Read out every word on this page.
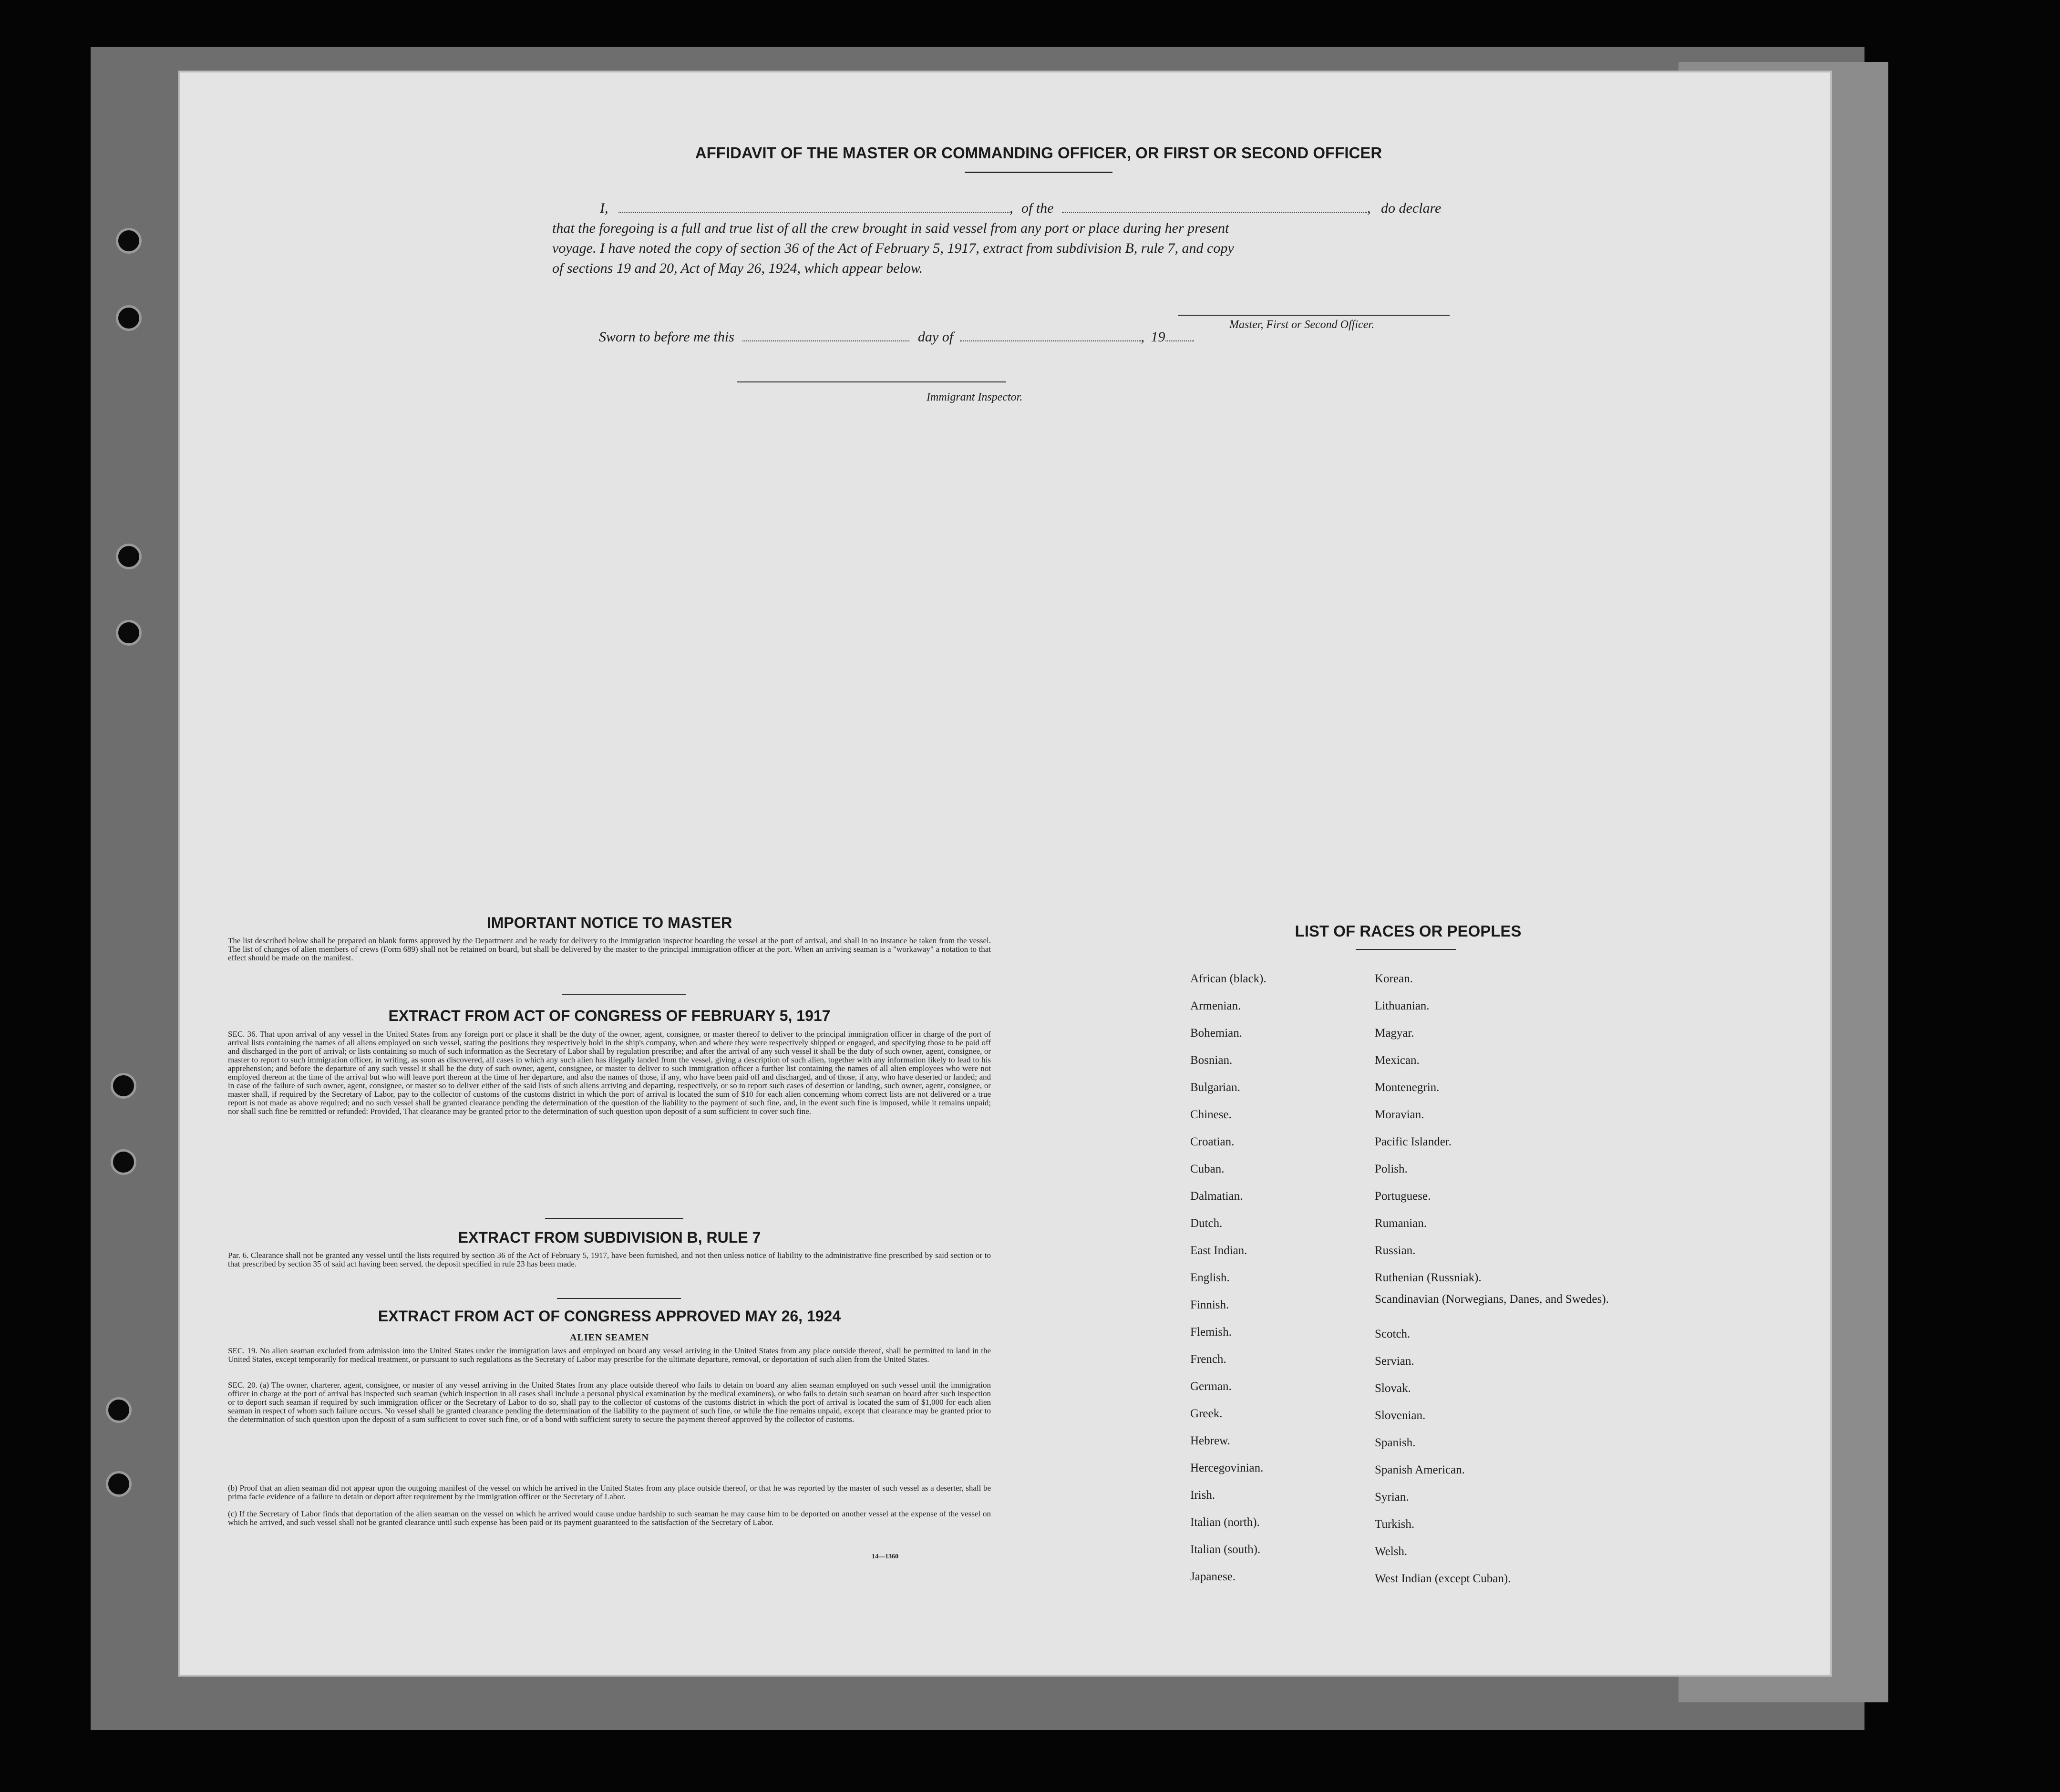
AFFIDAVIT OF THE MASTER OR COMMANDING OFFICER, OR FIRST OR SECOND OFFICER
I,	, of the	, do declare
that the foregoing is a full and true list of all the crew brought in said vessel from any port or place during her present
voyage. I have noted the copy of section 36 of the Act of February 5, 1917, extract from subdivision B, rule 7, and copy
of sections 19 and 20, Act of May 26, 1924, which appear below.
Master, First or Second Officer.
Sworn to before me this	day of	, 19
Immigrant Inspector.
IMPORTANT NOTICE TO MASTER
The list described below shall be prepared on blank forms approved by the Department and be ready for delivery to the immigration inspector boarding the vessel at the port of arrival, and shall in no instance be taken from the vessel. The list of changes of alien members of crews (Form 689) shall not be retained on board, but shall be delivered by the master to the principal immigration officer at the port. When an arriving seaman is a "workaway" a notation to that effect should be made on the manifest.
EXTRACT FROM ACT OF CONGRESS OF FEBRUARY 5, 1917
SEC. 36. That upon arrival of any vessel in the United States from any foreign port or place it shall be the duty of the owner, agent, consignee, or master thereof to deliver to the principal immigration officer in charge of the port of arrival lists containing the names of all aliens employed on such vessel, stating the positions they respectively hold in the ship's company, when and where they were respectively shipped or engaged, and specifying those to be paid off and discharged in the port of arrival; or lists containing so much of such information as the Secretary of Labor shall by regulation prescribe; and after the arrival of any such vessel it shall be the duty of such owner, agent, consignee, or master to report to such immigration officer, in writing, as soon as discovered, all cases in which any such alien has illegally landed from the vessel, giving a description of such alien, together with any information likely to lead to his apprehension; and before the departure of any such vessel it shall be the duty of such owner, agent, consignee, or master to deliver to such immigration officer a further list containing the names of all alien employees who were not employed thereon at the time of the arrival but who will leave port thereon at the time of her departure, and also the names of those, if any, who have been paid off and discharged, and of those, if any, who have deserted or landed; and in case of the failure of such owner, agent, consignee, or master so to deliver either of the said lists of such aliens arriving and departing, respectively, or so to report such cases of desertion or landing, such owner, agent, consignee, or master shall, if required by the Secretary of Labor, pay to the collector of customs of the customs district in which the port of arrival is located the sum of $10 for each alien concerning whom correct lists are not delivered or a true report is not made as above required; and no such vessel shall be granted clearance pending the determination of the question of the liability to the payment of such fine, and, in the event such fine is imposed, while it remains unpaid; nor shall such fine be remitted or refunded: Provided, That clearance may be granted prior to the determination of such question upon deposit of a sum sufficient to cover such fine.
EXTRACT FROM SUBDIVISION B, RULE 7
Par. 6. Clearance shall not be granted any vessel until the lists required by section 36 of the Act of February 5, 1917, have been furnished, and not then unless notice of liability to the administrative fine prescribed by said section or to that prescribed by section 35 of said act having been served, the deposit specified in rule 23 has been made.
EXTRACT FROM ACT OF CONGRESS APPROVED MAY 26, 1924
ALIEN SEAMEN
SEC. 19. No alien seaman excluded from admission into the United States under the immigration laws and employed on board any vessel arriving in the United States from any place outside thereof, shall be permitted to land in the United States, except temporarily for medical treatment, or pursuant to such regulations as the Secretary of Labor may prescribe for the ultimate departure, removal, or deportation of such alien from the United States.
SEC. 20. (a) The owner, charterer, agent, consignee, or master of any vessel arriving in the United States from any place outside thereof who fails to detain on board any alien seaman employed on such vessel until the immigration officer in charge at the port of arrival has inspected such seaman (which inspection in all cases shall include a personal physical examination by the medical examiners), or who fails to detain such seaman on board after such inspection or to deport such seaman if required by such immigration officer or the Secretary of Labor to do so, shall pay to the collector of customs of the customs district in which the port of arrival is located the sum of $1,000 for each alien seaman in respect of whom such failure occurs. No vessel shall be granted clearance pending the determination of the liability to the payment of such fine, or while the fine remains unpaid, except that clearance may be granted prior to the determination of such question upon the deposit of a sum sufficient to cover such fine, or of a bond with sufficient surety to secure the payment thereof approved by the collector of customs.
(b) Proof that an alien seaman did not appear upon the outgoing manifest of the vessel on which he arrived in the United States from any place outside thereof, or that he was reported by the master of such vessel as a deserter, shall be prima facie evidence of a failure to detain or deport after requirement by the immigration officer or the Secretary of Labor.
(c) If the Secretary of Labor finds that deportation of the alien seaman on the vessel on which he arrived would cause undue hardship to such seaman he may cause him to be deported on another vessel at the expense of the vessel on which he arrived, and such vessel shall not be granted clearance until such expense has been paid or its payment guaranteed to the satisfaction of the Secretary of Labor.
14—1360
LIST OF RACES OR PEOPLES
African (black).
Armenian.
Bohemian.
Bosnian.
Bulgarian.
Chinese.
Croatian.
Cuban.
Dalmatian.
Dutch.
East Indian.
English.
Finnish.
Flemish.
French.
German.
Greek.
Hebrew.
Hercegovinian.
Irish.
Italian (north).
Italian (south).
Japanese.
Korean.
Lithuanian.
Magyar.
Mexican.
Montenegrin.
Moravian.
Pacific Islander.
Polish.
Portuguese.
Rumanian.
Russian.
Ruthenian (Russniak).
Scandinavian (Norwegians, Danes, and Swedes).
Scotch.
Servian.
Slovak.
Slovenian.
Spanish.
Spanish American.
Syrian.
Turkish.
Welsh.
West Indian (except Cuban).
